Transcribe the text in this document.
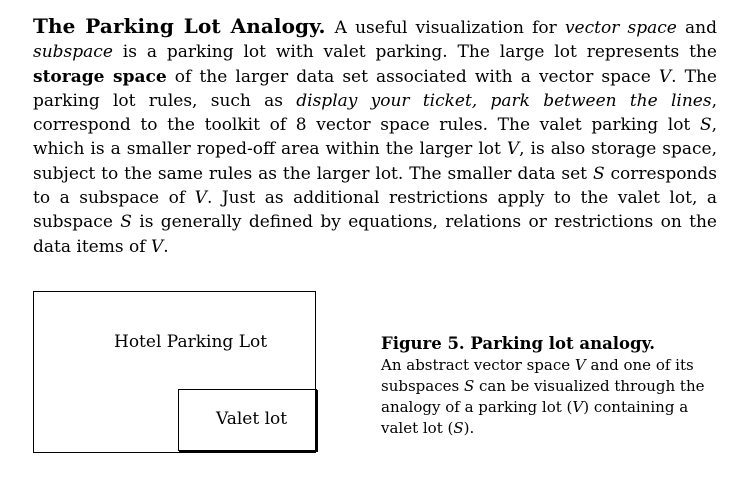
The Parking Lot Analogy. A useful visualization for vector space and subspace is a parking lot with valet parking. The large lot represents the storage space of the larger data set associated with a vector space V. The parking lot rules, such as display your ticket, park between the lines, correspond to the toolkit of 8 vector space rules. The valet parking lot S, which is a smaller roped-off area within the larger lot V, is also storage space, subject to the same rules as the larger lot. The smaller data set S corresponds to a subspace of V. Just as additional restrictions apply to the valet lot, a subspace S is generally defined by equations, relations or restrictions on the data items of V.

Hotel Parking Lot
Valet lot

Figure 5. Parking lot analogy.
An abstract vector space V and one of its subspaces S can be visualized through the analogy of a parking lot (V) containing a valet lot (S).
